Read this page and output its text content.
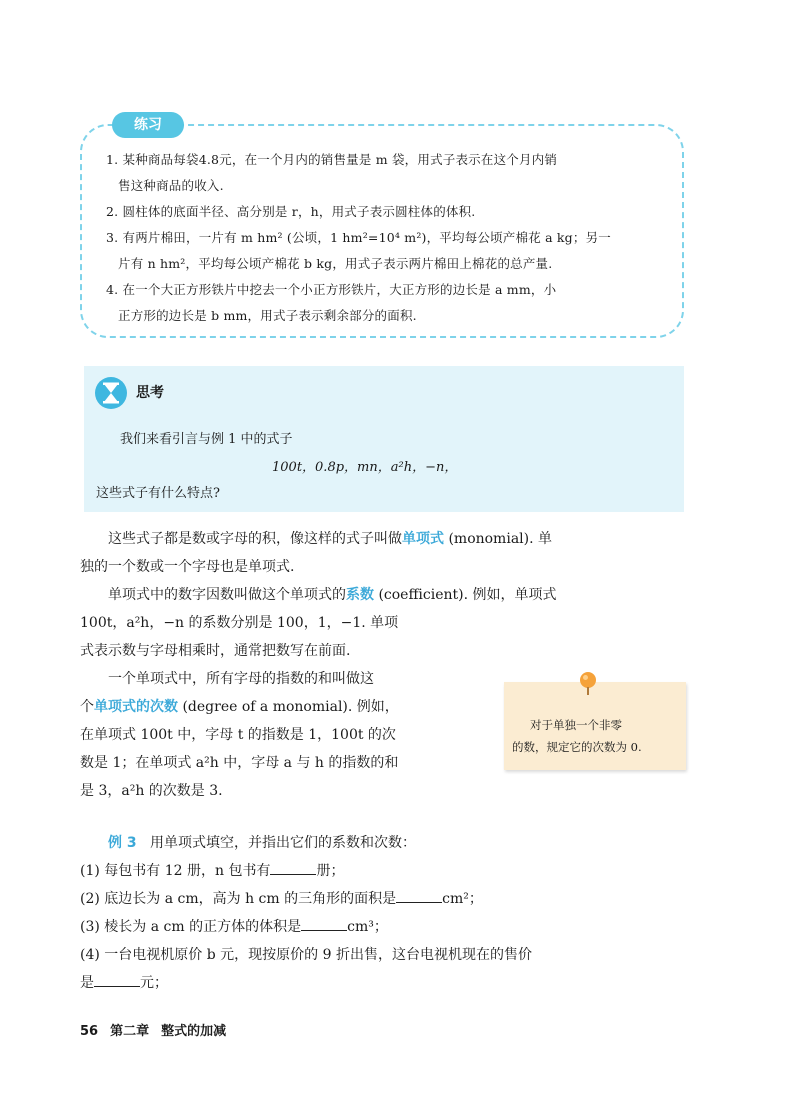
练习
1. 某种商品每袋4.8元，在一个月内的销售量是 m 袋，用式子表示在这个月内销
售这种商品的收入.
2. 圆柱体的底面半径、高分别是 r，h，用式子表示圆柱体的体积.
3. 有两片棉田，一片有 m hm² (公顷，1 hm²=10⁴ m²)，平均每公顷产棉花 a kg；另一
片有 n hm²，平均每公顷产棉花 b kg，用式子表示两片棉田上棉花的总产量.
4. 在一个大正方形铁片中挖去一个小正方形铁片，大正方形的边长是 a mm，小
正方形的边长是 b mm，用式子表示剩余部分的面积.
思考
我们来看引言与例 1 中的式子
100t，0.8p，mn，a²h，−n，
这些式子有什么特点?
这些式子都是数或字母的积，像这样的式子叫做单项式 (monomial). 单
独的一个数或一个字母也是单项式.
单项式中的数字因数叫做这个单项式的系数 (coefficient). 例如，单项式
100t，a²h，−n 的系数分别是 100，1，−1. 单项
式表示数与字母相乘时，通常把数写在前面.
一个单项式中，所有字母的指数的和叫做这
个单项式的次数 (degree of a monomial). 例如，
在单项式 100t 中，字母 t 的指数是 1，100t 的次
数是 1；在单项式 a²h 中，字母 a 与 h 的指数的和
是 3，a²h 的次数是 3.
对于单独一个非零
的数，规定它的次数为 0.
例 3 用单项式填空，并指出它们的系数和次数：
(1) 每包书有 12 册，n 包书有	册；
(2) 底边长为 a cm，高为 h cm 的三角形的面积是	cm²；
(3) 棱长为 a cm 的正方体的体积是	cm³；
(4) 一台电视机原价 b 元，现按原价的 9 折出售，这台电视机现在的售价
是	元；
56 第二章 整式的加减
